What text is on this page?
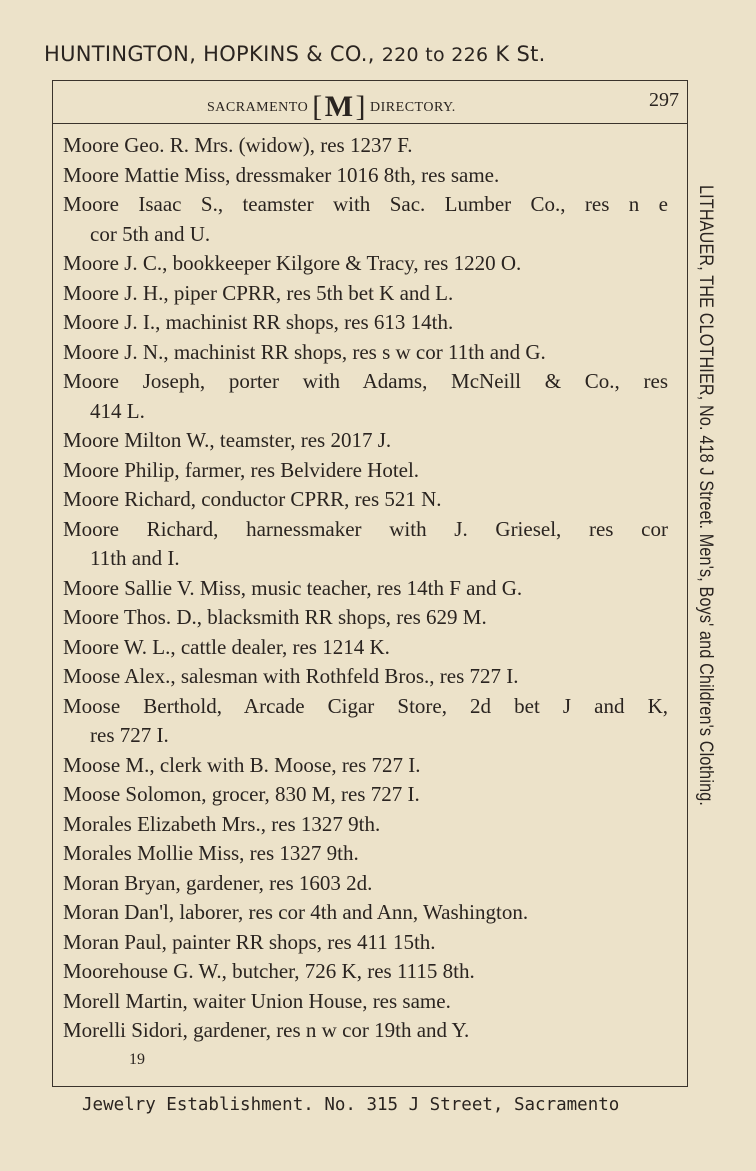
HUNTINGTON, HOPKINS & CO., 220 to 226 K St.
SACRAMENTO [M] DIRECTORY.	297
Moore Geo. R. Mrs. (widow), res 1237 F.
Moore Mattie Miss, dressmaker 1016 8th, res same.
Moore Isaac S., teamster with Sac. Lumber Co., res n e
cor 5th and U.
Moore J. C., bookkeeper Kilgore & Tracy, res 1220 O.
Moore J. H., piper CPRR, res 5th bet K and L.
Moore J. I., machinist RR shops, res 613 14th.
Moore J. N., machinist RR shops, res s w cor 11th and G.
Moore Joseph, porter with Adams, McNeill & Co., res
414 L.
Moore Milton W., teamster, res 2017 J.
Moore Philip, farmer, res Belvidere Hotel.
Moore Richard, conductor CPRR, res 521 N.
Moore Richard, harnessmaker with J. Griesel, res cor
11th and I.
Moore Sallie V. Miss, music teacher, res 14th F and G.
Moore Thos. D., blacksmith RR shops, res 629 M.
Moore W. L., cattle dealer, res 1214 K.
Moose Alex., salesman with Rothfeld Bros., res 727 I.
Moose Berthold, Arcade Cigar Store, 2d bet J and K,
res 727 I.
Moose M., clerk with B. Moose, res 727 I.
Moose Solomon, grocer, 830 M, res 727 I.
Morales Elizabeth Mrs., res 1327 9th.
Morales Mollie Miss, res 1327 9th.
Moran Bryan, gardener, res 1603 2d.
Moran Dan'l, laborer, res cor 4th and Ann, Washington.
Moran Paul, painter RR shops, res 411 15th.
Moorehouse G. W., butcher, 726 K, res 1115 8th.
Morell Martin, waiter Union House, res same.
Morelli Sidori, gardener, res n w cor 19th and Y.
19
LITHAUER, THE CLOTHIER, No. 418 J Street. Men's, Boys' and Children's Clothing.
Jewelry Establishment. No. 315 J Street, Sacramento
